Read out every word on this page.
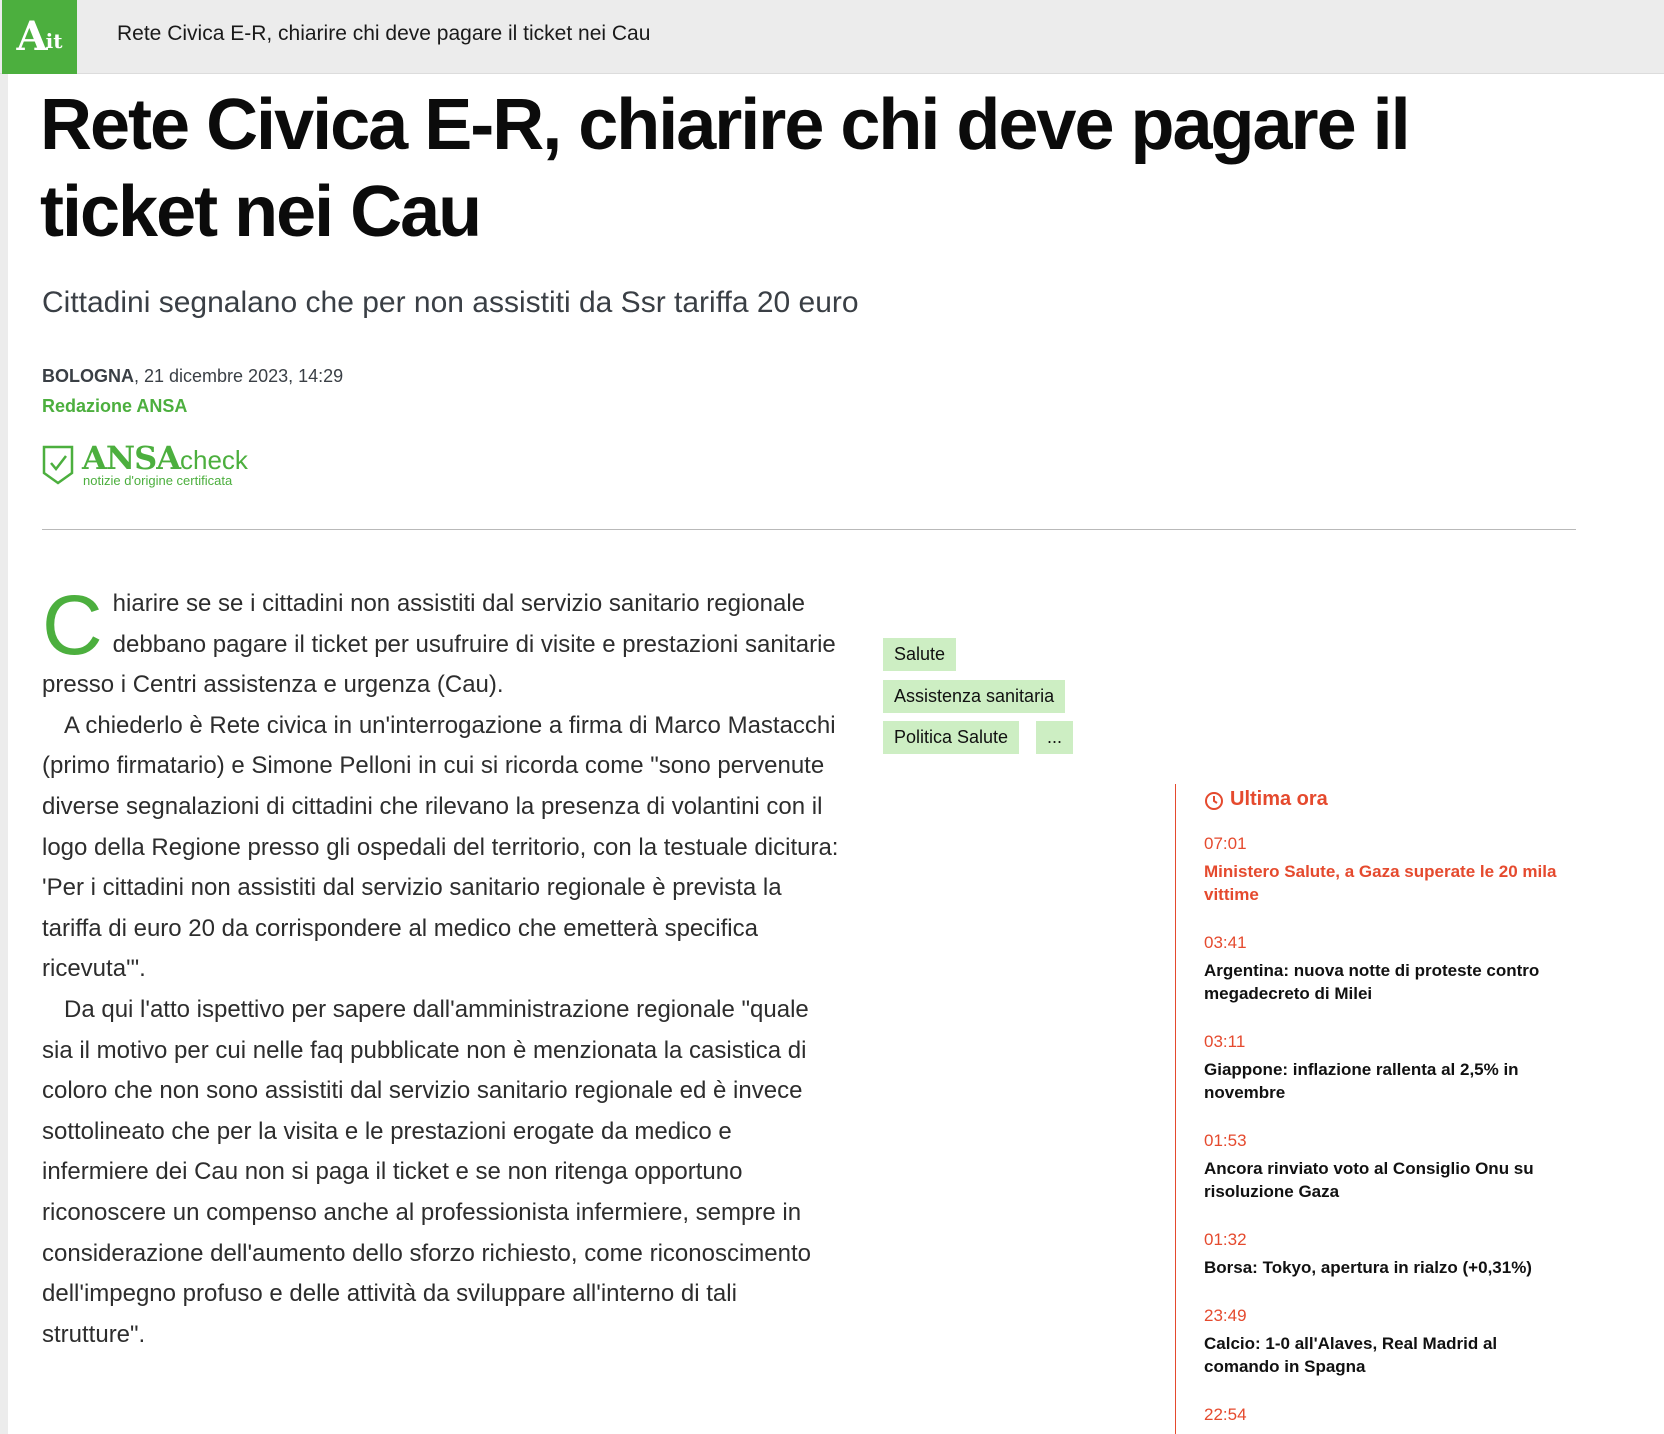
A it	Rete Civica E-R, chiarire chi deve pagare il ticket nei Cau
Rete Civica E-R, chiarire chi deve pagare il ticket nei Cau
Cittadini segnalano che per non assistiti da Ssr tariffa 20 euro
BOLOGNA, 21 dicembre 2023, 14:29
Redazione ANSA
ANSAcheck
notizie d'origine certificata

Chiarire se se i cittadini non assistiti dal servizio sanitario regionale debbano pagare il ticket per usufruire di visite e prestazioni sanitarie presso i Centri assistenza e urgenza (Cau).

A chiederlo è Rete civica in un'interrogazione a firma di Marco Mastacchi (primo firmatario) e Simone Pelloni in cui si ricorda come "sono pervenute diverse segnalazioni di cittadini che rilevano la presenza di volantini con il logo della Regione presso gli ospedali del territorio, con la testuale dicitura: 'Per i cittadini non assistiti dal servizio sanitario regionale è prevista la tariffa di euro 20 da corrispondere al medico che emetterà specifica ricevuta'".

Da qui l'atto ispettivo per sapere dall'amministrazione regionale "quale sia il motivo per cui nelle faq pubblicate non è menzionata la casistica di coloro che non sono assistiti dal servizio sanitario regionale ed è invece sottolineato che per la visita e le prestazioni erogate da medico e infermiere dei Cau non si paga il ticket e se non ritenga opportuno riconoscere un compenso anche al professionista infermiere, sempre in considerazione dell'aumento dello sforzo richiesto, come riconoscimento dell'impegno profuso e delle attività da sviluppare all'interno di tali strutture".

Salute
Assistenza sanitaria
Politica Salute	...
Ultima ora
07:01
Ministero Salute, a Gaza superate le 20 mila vittime
03:41
Argentina: nuova notte di proteste contro megadecreto di Milei
03:11
Giappone: inflazione rallenta al 2,5% in novembre
01:53
Ancora rinviato voto al Consiglio Onu su risoluzione Gaza
01:32
Borsa: Tokyo, apertura in rialzo (+0,31%)
23:49
Calcio: 1-0 all'Alaves, Real Madrid al comando in Spagna
22:54
